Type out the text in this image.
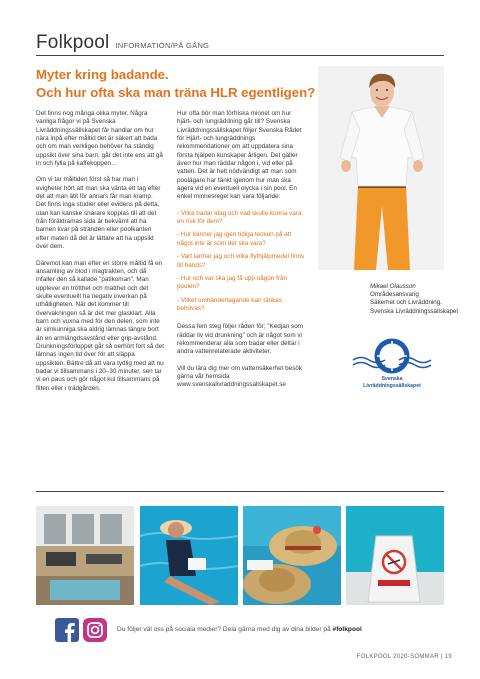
Folkpool INFORMATION/PÅ GÅNG
Myter kring badande.
Och hur ofta ska man träna HLR egentligen?

Det finns nog många olika myter. Några vanliga frågor vi på Svenska Livräddningssällskapet får handlar om hur nära inpå efter måltid det är säkert att bada och om man verkligen behöver ha ständig uppsikt över sina barn, går det inte ens att gå in och fylla på kaffekoppen…

Om vi tar måltiden först så har man i evigheter hört att man ska vänta ett tag efter det att man ätit för annars får man kramp. Det finns inga studier eller evidens på detta, utan kan kanske snarare kopplas till att det från föräldramas sida är bekvämt att ha barnen kvar på stranden eller poolkanten efter maten då det är lättare att ha uppsikt över dem.

Däremot kan man efter en större måltid få en ansamling av blod i magtrakten, och då infaller den så kallade "patlkoman". Man upplever en trötthet och matthet och det skulle eventuellt ha negativ inverkan på uthålligheten. När det kommer till övervakningen så är det mer glasklart. Alla barn och vuxna med för den delen, som inte är simkunniga ska aldrig lämnas längre bort än en armlängdsavstånd eller grip-avstånd. Drunkningsförloppet går så oerhört fort så det lämnas ingen tid över för att släppa uppsikten. Bättre då att vara tydlig med att nu badar vi tillsammans i 20–30 minuter, sen tar vi en paus och gör något kul tillsammans på filten eller i trädgården.

Hur ofta bör man förfriska minnet om hur hjärt- och lungräddning går till? Svenska Livräddningssällskapet följer Svenska Rådet för Hjärt- och lungräddnings rekommendationer om att uppdatera sina första hjälpen kunskaper årligen. Det gäller även hur man räddar någon i, vid eller på vatten. Det är helt nödvändigt att man som poolägare har tänkt igenom hur man ska agera vid en eventuell olycka i sin pool. En enkel minnesregel kan vara följande:

- Vilka badar idag och vad skulle kunna vara en risk för dem?
- Hur känner jag igen tidiga tecken på att något inte är som det ska vara?
- Vart larmar jag och vilka flythjälpmedel finns till hands?
- Hur och var ska jag få upp någon från poolen?
- Vilket omhändertagande kan tänkas behövas?

Dessa fem steg följer råden för; "Kedjan som räddar liv vid drunkning" och är något som vi rekommenderar alla som badar eller deltar i andra vattenrelaterade aktiviteter.

Vill du lära dig mer om vattensäkerhet besök gärna vår hemsida www.svenskalivraddningssallskapet.se

Mikael Olausson
Områdesansvarig
Säkerhet och Livräddning.
Svenska Livräddningssällskapet
Svenska
Livräddningssällskapet
Du följer väl oss på sociala medier? Dela gärna med dig av dina bilder på #folkpool
FOLKPOOL 2020-SOMMAR | 19
